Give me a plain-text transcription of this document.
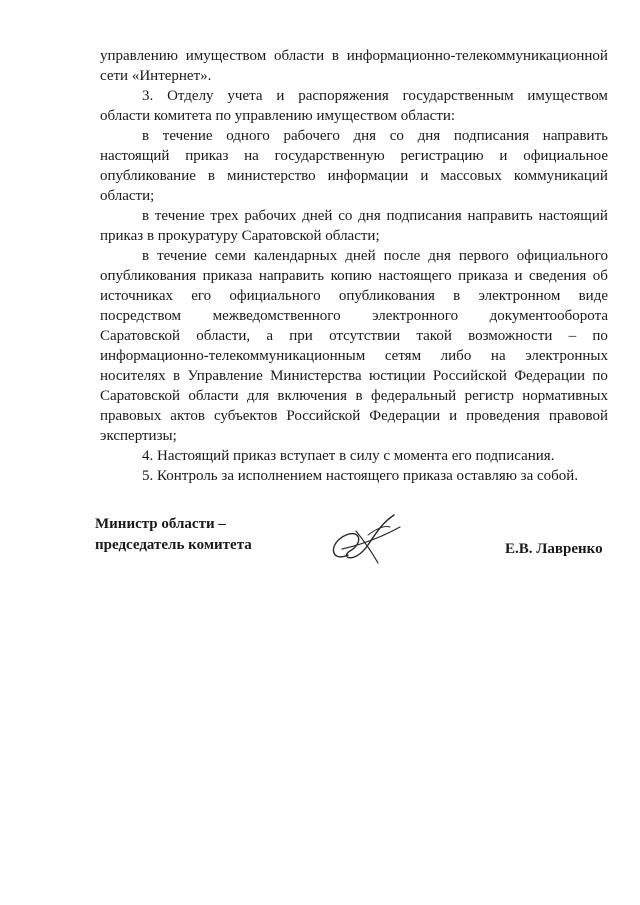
управлению имуществом области в информационно-телекоммуникационной
сети «Интернет».
3. Отделу учета и распоряжения государственным имуществом
области комитета по управлению имуществом области:
в течение одного рабочего дня со дня подписания направить
настоящий приказ на государственную регистрацию и официальное
опубликование в министерство информации и массовых коммуникаций
области;
в течение трех рабочих дней со дня подписания направить настоящий
приказ в прокуратуру Саратовской области;
в течение семи календарных дней после дня первого официального
опубликования приказа направить копию настоящего приказа и сведения об
источниках его официального опубликования в электронном виде
посредством межведомственного электронного документооборота
Саратовской области, а при отсутствии такой возможности – по
информационно-телекоммуникационным сетям либо на электронных
носителях в Управление Министерства юстиции Российской Федерации по
Саратовской области для включения в федеральный регистр нормативных
правовых актов субъектов Российской Федерации и проведения правовой
экспертизы;
4. Настоящий приказ вступает в силу с момента его подписания.
5. Контроль за исполнением настоящего приказа оставляю за собой.
Министр области –
председатель комитета	Е.В. Лавренко
